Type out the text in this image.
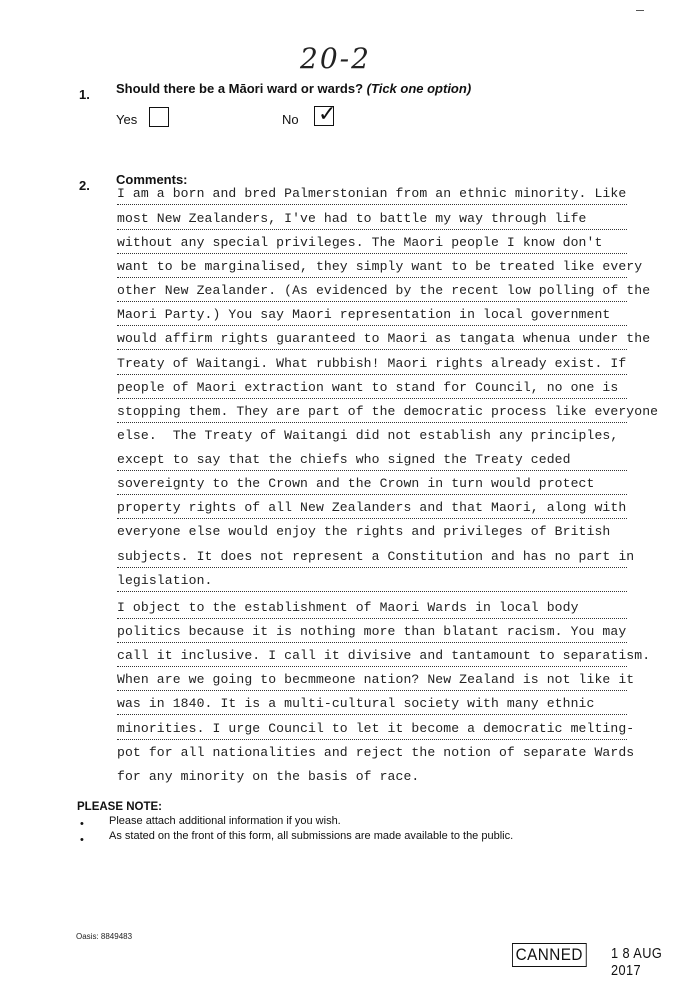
20-2
1. Should there be a Māori ward or wards? (Tick one option)
Yes	No ✓
2. Comments:
I am a born and bred Palmerstonian from an ethnic minority. Like
most New Zealanders, I've had to battle my way through life
without any special privileges. The Maori people I know don't
want to be marginalised, they simply want to be treated like every
other New Zealander. (As evidenced by the recent low polling of the
Maori Party.) You say Maori representation in local government
would affirm rights guaranteed to Maori as tangata whenua under the
Treaty of Waitangi. What rubbish! Maori rights already exist. If
people of Maori extraction want to stand for Council, no one is
stopping them. They are part of the democratic process like everyone
else.  The Treaty of Waitangi did not establish any principles,
except to say that the chiefs who signed the Treaty ceded
sovereignty to the Crown and the Crown in turn would protect
property rights of all New Zealanders and that Maori, along with
everyone else would enjoy the rights and privileges of British
subjects. It does not represent a Constitution and has no part in
legislation.
I object to the establishment of Maori Wards in local body
politics because it is nothing more than blatant racism. You may
call it inclusive. I call it divisive and tantamount to separatism.
When are we going to becmmeone nation? New Zealand is not like it
was in 1840. It is a multi-cultural society with many ethnic
minorities. I urge Council to let it become a democratic melting-
pot for all nationalities and reject the notion of separate Wards
for any minority on the basis of race.
PLEASE NOTE:
• Please attach additional information if you wish.
• As stated on the front of this form, all submissions are made available to the public.
Oasis: 8849483
CANNED 1 8 AUG 2017
